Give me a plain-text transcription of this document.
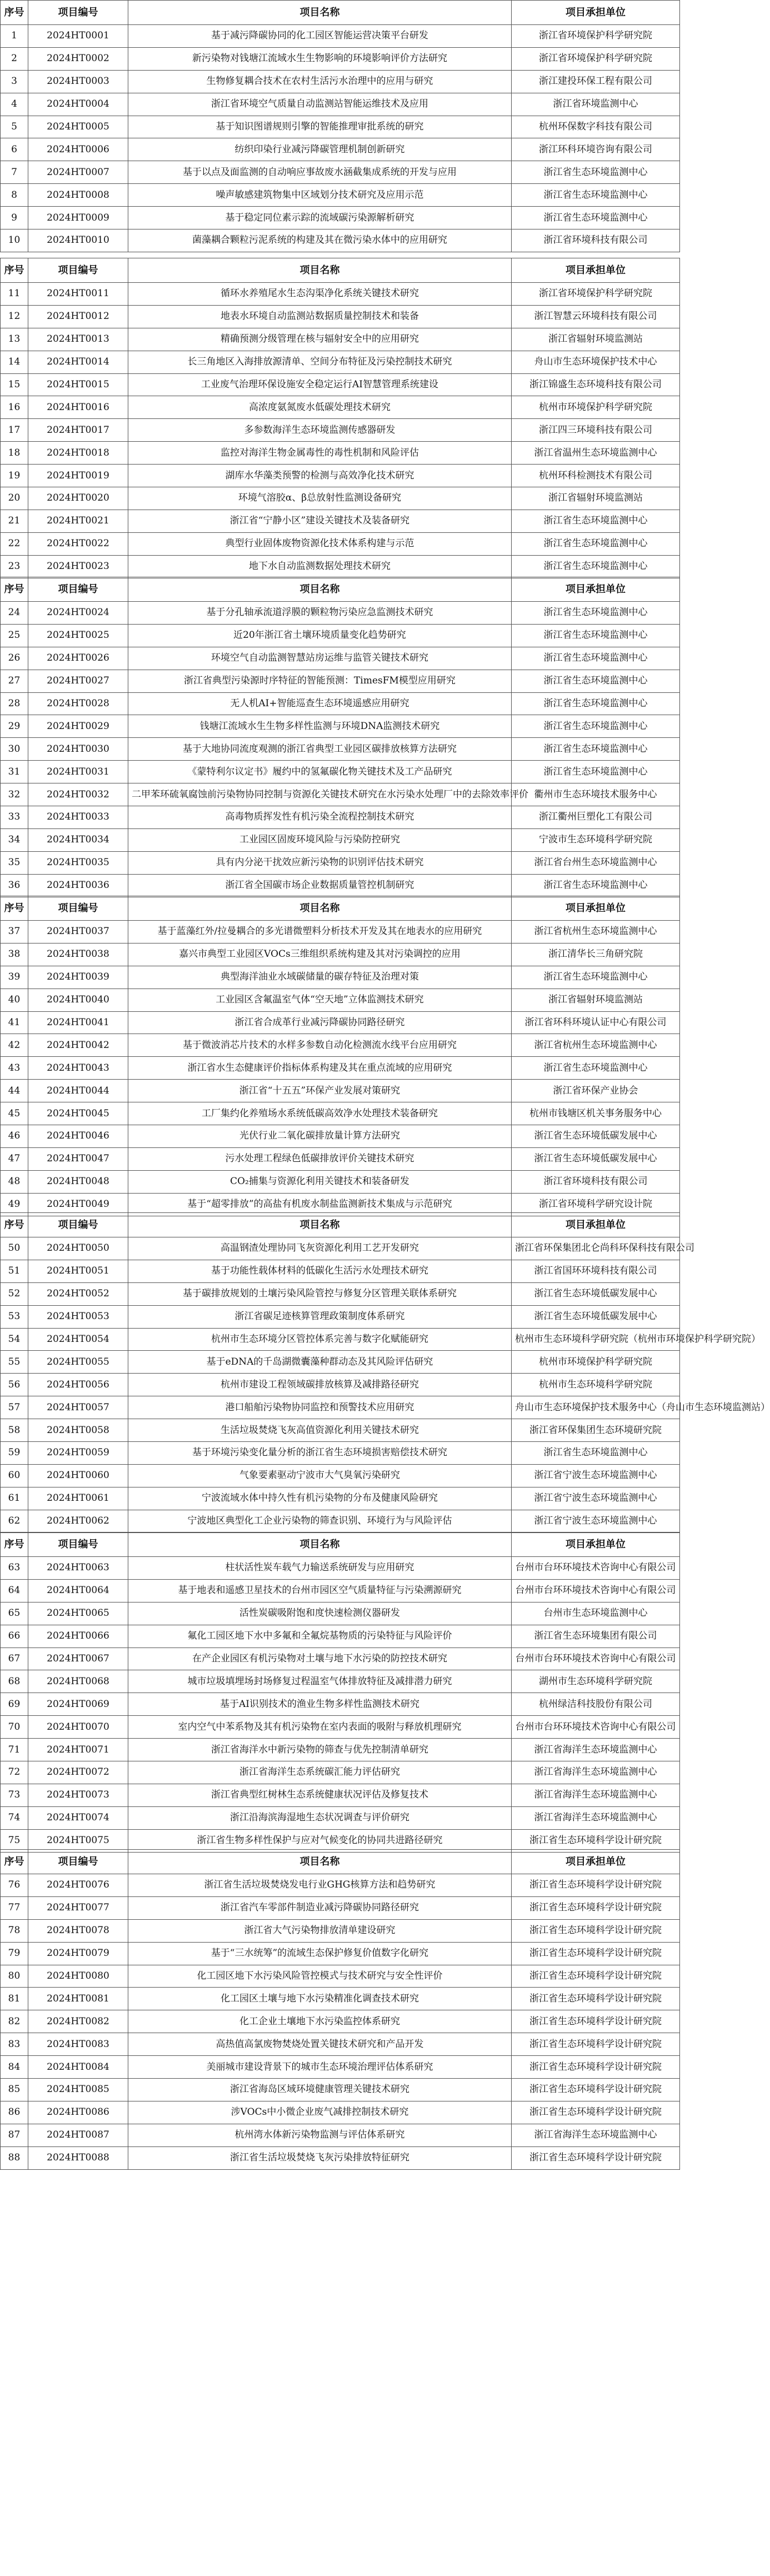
序号	项目编号	项目名称	项目承担单位
1	2024HT0001	基于减污降碳协同的化工园区智能运营决策平台研发	浙江省环境保护科学研究院
2	2024HT0002	新污染物对钱塘江流域水生生物影响的环境影响评价方法研究	浙江省环境保护科学研究院
3	2024HT0003	生物修复耦合技术在农村生活污水治理中的应用与研究	浙江建投环保工程有限公司
4	2024HT0004	浙江省环境空气质量自动监测站智能运维技术及应用	浙江省环境监测中心
5	2024HT0005	基于知识图谱规则引擎的智能推理审批系统的研究	杭州环保数字科技有限公司
6	2024HT0006	纺织印染行业减污降碳管理机制创新研究	浙江环科环境咨询有限公司
7	2024HT0007	基于以点及面监测的自动响应事故废水涵截集成系统的开发与应用	浙江省生态环境监测中心
8	2024HT0008	噪声敏感建筑物集中区域划分技术研究及应用示范	浙江省生态环境监测中心
9	2024HT0009	基于稳定同位素示踪的流域碳污染源解析研究	浙江省生态环境监测中心
10	2024HT0010	菌藻耦合颗粒污泥系统的构建及其在微污染水体中的应用研究	浙江省环境科技有限公司
序号	项目编号	项目名称	项目承担单位
11	2024HT0011	循环水养殖尾水生态沟渠净化系统关键技术研究	浙江省环境保护科学研究院
12	2024HT0012	地表水环境自动监测站数据质量控制技术和装备	浙江智慧云环境科技有限公司
13	2024HT0013	精确预测分级管理在核与辐射安全中的应用研究	浙江省辐射环境监测站
14	2024HT0014	长三角地区入海排放源清单、空间分布特征及污染控制技术研究	舟山市生态环境保护技术中心
15	2024HT0015	工业废气治理环保设施安全稳定运行AI智慧管理系统建设	浙江锦盛生态环境科技有限公司
16	2024HT0016	高浓度氨氮废水低碳处理技术研究	杭州市环境保护科学研究院
17	2024HT0017	多参数海洋生态环境监测传感器研发	浙江四三环境科技有限公司
18	2024HT0018	监控对海洋生物金属毒性的毒性机制和风险评估	浙江省温州生态环境监测中心
19	2024HT0019	湖库水华藻类预警的检测与高效净化技术研究	杭州环科检测技术有限公司
20	2024HT0020	环境气溶胶α、β总放射性监测设备研究	浙江省辐射环境监测站
21	2024HT0021	浙江省“宁静小区”建设关键技术及装备研究	浙江省生态环境监测中心
22	2024HT0022	典型行业固体废物资源化技术体系构建与示范	浙江省生态环境监测中心
23	2024HT0023	地下水自动监测数据处理技术研究	浙江省生态环境监测中心
序号	项目编号	项目名称	项目承担单位
24	2024HT0024	基于分孔轴承流道浮膜的颗粒物污染应急监测技术研究	浙江省生态环境监测中心
25	2024HT0025	近20年浙江省土壤环境质量变化趋势研究	浙江省生态环境监测中心
26	2024HT0026	环境空气自动监测智慧站房运维与监管关键技术研究	浙江省生态环境监测中心
27	2024HT0027	浙江省典型污染源时序特征的智能预测：TimesFM模型应用研究	浙江省生态环境监测中心
28	2024HT0028	无人机AI+智能巡查生态环境遥感应用研究	浙江省生态环境监测中心
29	2024HT0029	钱塘江流域水生生物多样性监测与环境DNA监测技术研究	浙江省生态环境监测中心
30	2024HT0030	基于大地协同流度观测的浙江省典型工业园区碳排放核算方法研究	浙江省生态环境监测中心
31	2024HT0031	《蒙特利尔议定书》履约中的氢氟碳化物关键技术及工产品研究	浙江省生态环境监测中心
32	2024HT0032	二甲苯环硫氧腐蚀前污染物协同控制与资源化关键技术研究在水污染水处理厂中的去除效率评价	衢州市生态环境技术服务中心
33	2024HT0033	高毒物质挥发性有机污染全流程控制技术研究	浙江衢州巨塑化工有限公司
34	2024HT0034	工业园区固废环境风险与污染防控研究	宁波市生态环境科学研究院
35	2024HT0035	具有内分泌干扰效应新污染物的识别评估技术研究	浙江省台州生态环境监测中心
36	2024HT0036	浙江省全国碳市场企业数据质量管控机制研究	浙江省生态环境监测中心
序号	项目编号	项目名称	项目承担单位
37	2024HT0037	基于蓝藻红外/拉曼耦合的多光谱微塑料分析技术开发及其在地表水的应用研究	浙江省杭州生态环境监测中心
38	2024HT0038	嘉兴市典型工业园区VOCs三维组织系统构建及其对污染调控的应用	浙江清华长三角研究院
39	2024HT0039	典型海洋油业水域碳储量的碳存特征及治理对策	浙江省生态环境监测中心
40	2024HT0040	工业园区含氟温室气体“空天地”立体监测技术研究	浙江省辐射环境监测站
41	2024HT0041	浙江省合成革行业减污降碳协同路径研究	浙江省环科环境认证中心有限公司
42	2024HT0042	基于微波消芯片技术的水样多参数自动化检测流水线平台应用研究	浙江省杭州生态环境监测中心
43	2024HT0043	浙江省水生态健康评价指标体系构建及其在重点流域的应用研究	浙江省生态环境监测中心
44	2024HT0044	浙江省“十五五”环保产业发展对策研究	浙江省环保产业协会
45	2024HT0045	工厂集约化养殖场水系统低碳高效净水处理技术装备研究	杭州市钱塘区机关事务服务中心
46	2024HT0046	光伏行业二氧化碳排放量计算方法研究	浙江省生态环境低碳发展中心
47	2024HT0047	污水处理工程绿色低碳排放评价关键技术研究	浙江省生态环境低碳发展中心
48	2024HT0048	CO₂捕集与资源化利用关键技术和装备研发	浙江省环境科技有限公司
49	2024HT0049	基于“超零排放”的高盐有机废水制盐监测新技术集成与示范研究	浙江省环境科学研究设计院
序号	项目编号	项目名称	项目承担单位
50	2024HT0050	高温钢渣处理协同飞灰资源化利用工艺开发研究	浙江省环保集团北仑尚科环保科技有限公司
51	2024HT0051	基于功能性载体材料的低碳化生活污水处理技术研究	浙江省国环环境科技有限公司
52	2024HT0052	基于碳排放规划的土壤污染风险管控与修复分区管理关联体系研究	浙江省生态环境低碳发展中心
53	2024HT0053	浙江省碳足迹核算管理政策制度体系研究	浙江省生态环境低碳发展中心
54	2024HT0054	杭州市生态环境分区管控体系完善与数字化赋能研究	杭州市生态环境科学研究院（杭州市环境保护科学研究院）
55	2024HT0055	基于eDNA的千岛湖微囊藻种群动态及其风险评估研究	杭州市环境保护科学研究院
56	2024HT0056	杭州市建设工程领域碳排放核算及减排路径研究	杭州市生态环境科学研究院
57	2024HT0057	港口船舶污染物协同监控和预警技术应用研究	舟山市生态环境保护技术服务中心（舟山市生态环境监测站）
58	2024HT0058	生活垃圾焚烧飞灰高值资源化利用关键技术研究	浙江省环保集团生态环境研究院
59	2024HT0059	基于环境污染变化量分析的浙江省生态环境损害赔偿技术研究	浙江省生态环境监测中心
60	2024HT0060	气象要素驱动宁波市大气臭氧污染研究	浙江省宁波生态环境监测中心
61	2024HT0061	宁波流域水体中持久性有机污染物的分布及健康风险研究	浙江省宁波生态环境监测中心
62	2024HT0062	宁波地区典型化工企业污染物的筛查识别、环境行为与风险评估	浙江省宁波生态环境监测中心
序号	项目编号	项目名称	项目承担单位
63	2024HT0063	柱状活性炭车载气力输送系统研发与应用研究	台州市台环环境技术咨询中心有限公司
64	2024HT0064	基于地表和遥感卫星技术的台州市园区空气质量特征与污染溯源研究	台州市台环环境技术咨询中心有限公司
65	2024HT0065	活性炭碳吸附饱和度快速检测仪器研发	台州市生态环境监测中心
66	2024HT0066	氟化工园区地下水中多氟和全氟烷基物质的污染特征与风险评价	浙江省生态环境集团有限公司
67	2024HT0067	在产企业园区有机污染物对土壤与地下水污染的防控技术研究	台州市台环环境技术咨询中心有限公司
68	2024HT0068	城市垃圾填埋场封场修复过程温室气体排放特征及减排潜力研究	湖州市生态环境科学研究院
69	2024HT0069	基于AI识别技术的渔业生物多样性监测技术研究	杭州绿洁科技股份有限公司
70	2024HT0070	室内空气中苯系物及其有机污染物在室内表面的吸附与释放机理研究	台州市台环环境技术咨询中心有限公司
71	2024HT0071	浙江省海洋水中新污染物的筛查与优先控制清单研究	浙江省海洋生态环境监测中心
72	2024HT0072	浙江省海洋生态系统碳汇能力评估研究	浙江省海洋生态环境监测中心
73	2024HT0073	浙江省典型红树林生态系统健康状况评估及修复技术	浙江省海洋生态环境监测中心
74	2024HT0074	浙江沿海滨海湿地生态状况调查与评价研究	浙江省海洋生态环境监测中心
75	2024HT0075	浙江省生物多样性保护与应对气候变化的协同共进路径研究	浙江省生态环境科学设计研究院
序号	项目编号	项目名称	项目承担单位
76	2024HT0076	浙江省生活垃圾焚烧发电行业GHG核算方法和趋势研究	浙江省生态环境科学设计研究院
77	2024HT0077	浙江省汽车零部件制造业减污降碳协同路径研究	浙江省生态环境科学设计研究院
78	2024HT0078	浙江省大气污染物排放清单建设研究	浙江省生态环境科学设计研究院
79	2024HT0079	基于“三水统筹”的流域生态保护修复价值数字化研究	浙江省生态环境科学设计研究院
80	2024HT0080	化工园区地下水污染风险管控模式与技术研究与安全性评价	浙江省生态环境科学设计研究院
81	2024HT0081	化工园区土壤与地下水污染精准化调查技术研究	浙江省生态环境科学设计研究院
82	2024HT0082	化工企业土壤地下水污染监控体系研究	浙江省生态环境科学设计研究院
83	2024HT0083	高热值高氯废物焚烧处置关键技术研究和产品开发	浙江省生态环境科学设计研究院
84	2024HT0084	美丽城市建设背景下的城市生态环境治理评估体系研究	浙江省生态环境科学设计研究院
85	2024HT0085	浙江省海岛区域环境健康管理关键技术研究	浙江省生态环境科学设计研究院
86	2024HT0086	涉VOCs中小微企业废气减排控制技术研究	浙江省生态环境科学设计研究院
87	2024HT0087	杭州湾水体新污染物监测与评估体系研究	浙江省海洋生态环境监测中心
88	2024HT0088	浙江省生活垃圾焚烧飞灰污染排放特征研究	浙江省生态环境科学设计研究院
